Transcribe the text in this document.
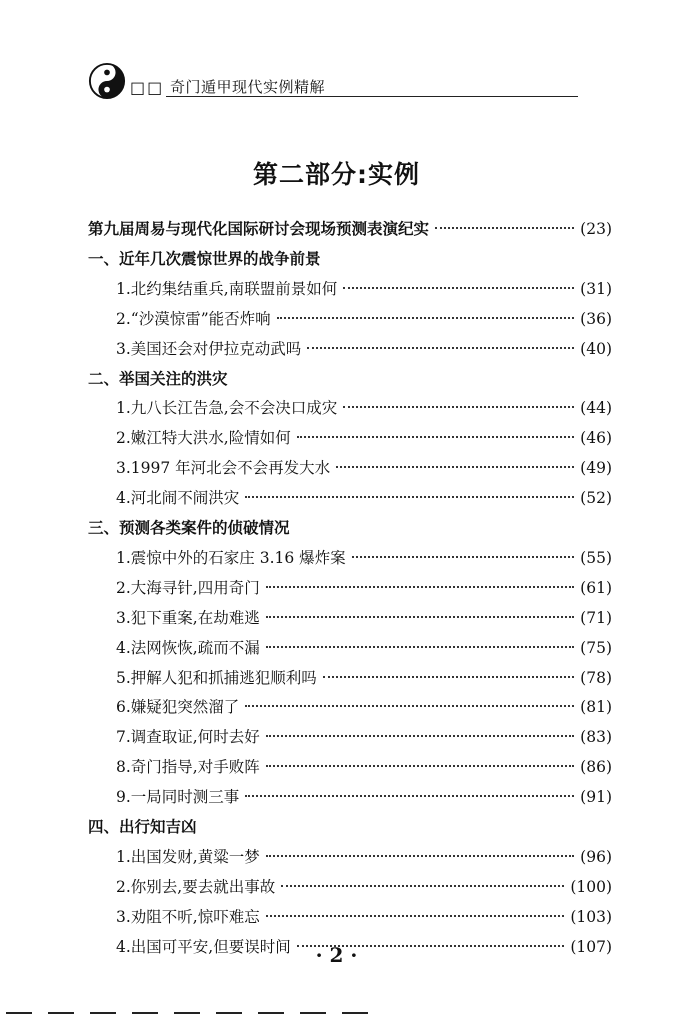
□□ 奇门遁甲现代实例精解
第二部分:实例
第九届周易与现代化国际研讨会现场预测表演纪实	(23)
一、近年几次震惊世界的战争前景
1.北约集结重兵,南联盟前景如何	(31)
2.“沙漠惊雷”能否炸响	(36)
3.美国还会对伊拉克动武吗	(40)
二、举国关注的洪灾
1.九八长江告急,会不会决口成灾	(44)
2.嫩江特大洪水,险情如何	(46)
3.1997 年河北会不会再发大水	(49)
4.河北闹不闹洪灾	(52)
三、预测各类案件的侦破情况
1.震惊中外的石家庄 3.16 爆炸案	(55)
2.大海寻针,四用奇门	(61)
3.犯下重案,在劫难逃	(71)
4.法网恢恢,疏而不漏	(75)
5.押解人犯和抓捕逃犯顺利吗	(78)
6.嫌疑犯突然溜了	(81)
7.调查取证,何时去好	(83)
8.奇门指导,对手败阵	(86)
9.一局同时测三事	(91)
四、出行知吉凶
1.出国发财,黄粱一梦	(96)
2.你别去,要去就出事故	(100)
3.劝阻不听,惊吓难忘	(103)
4.出国可平安,但要误时间	(107)
· 2 ·
